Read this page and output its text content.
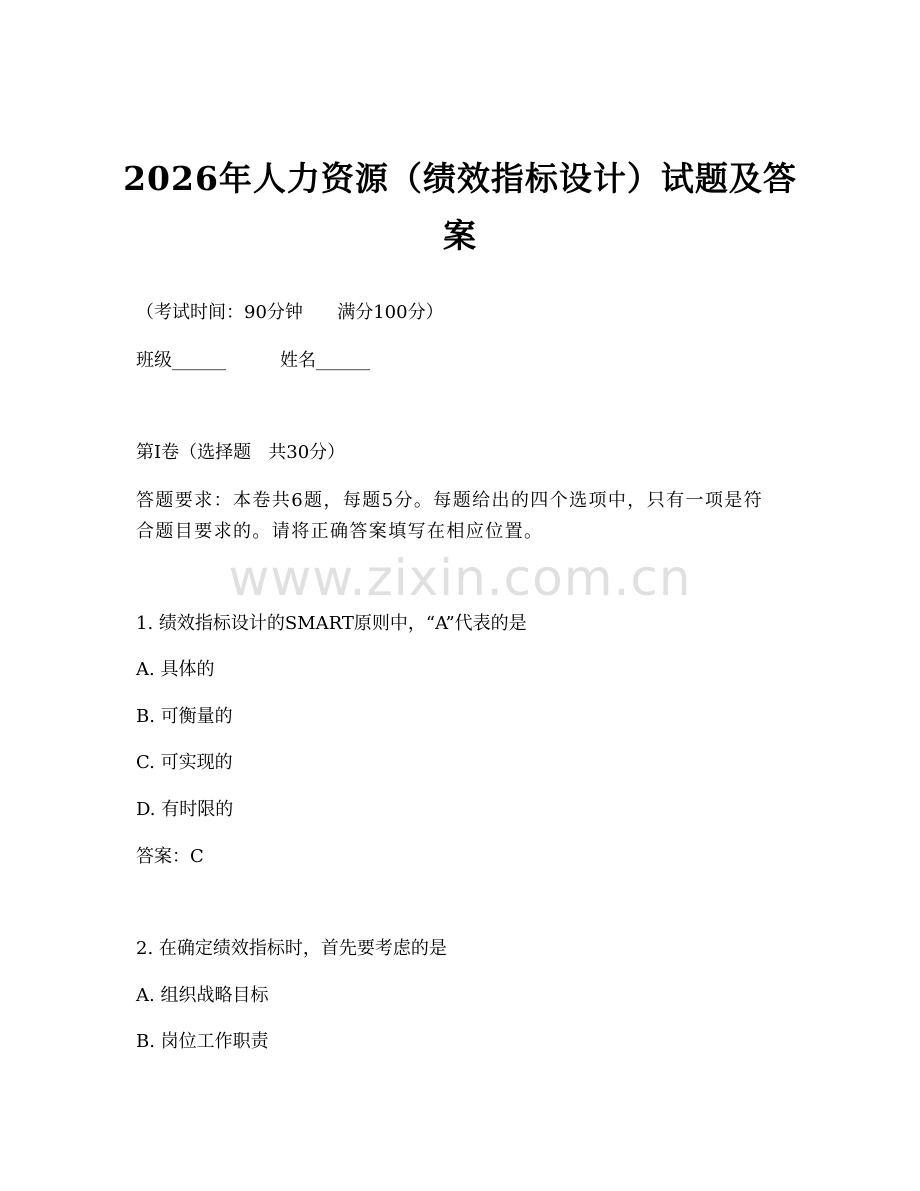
2026年人力资源（绩效指标设计）试题及答案
（考试时间：90分钟      满分100分）
班级______	姓名______
第I卷（选择题   共30分）
答题要求：本卷共6题，每题5分。每题给出的四个选项中，只有一项是符合题目要求的。请将正确答案填写在相应位置。
www.zixin.com.cn
1. 绩效指标设计的SMART原则中，“A”代表的是
A. 具体的
B. 可衡量的
C. 可实现的
D. 有时限的
答案：C
2. 在确定绩效指标时，首先要考虑的是
A. 组织战略目标
B. 岗位工作职责
